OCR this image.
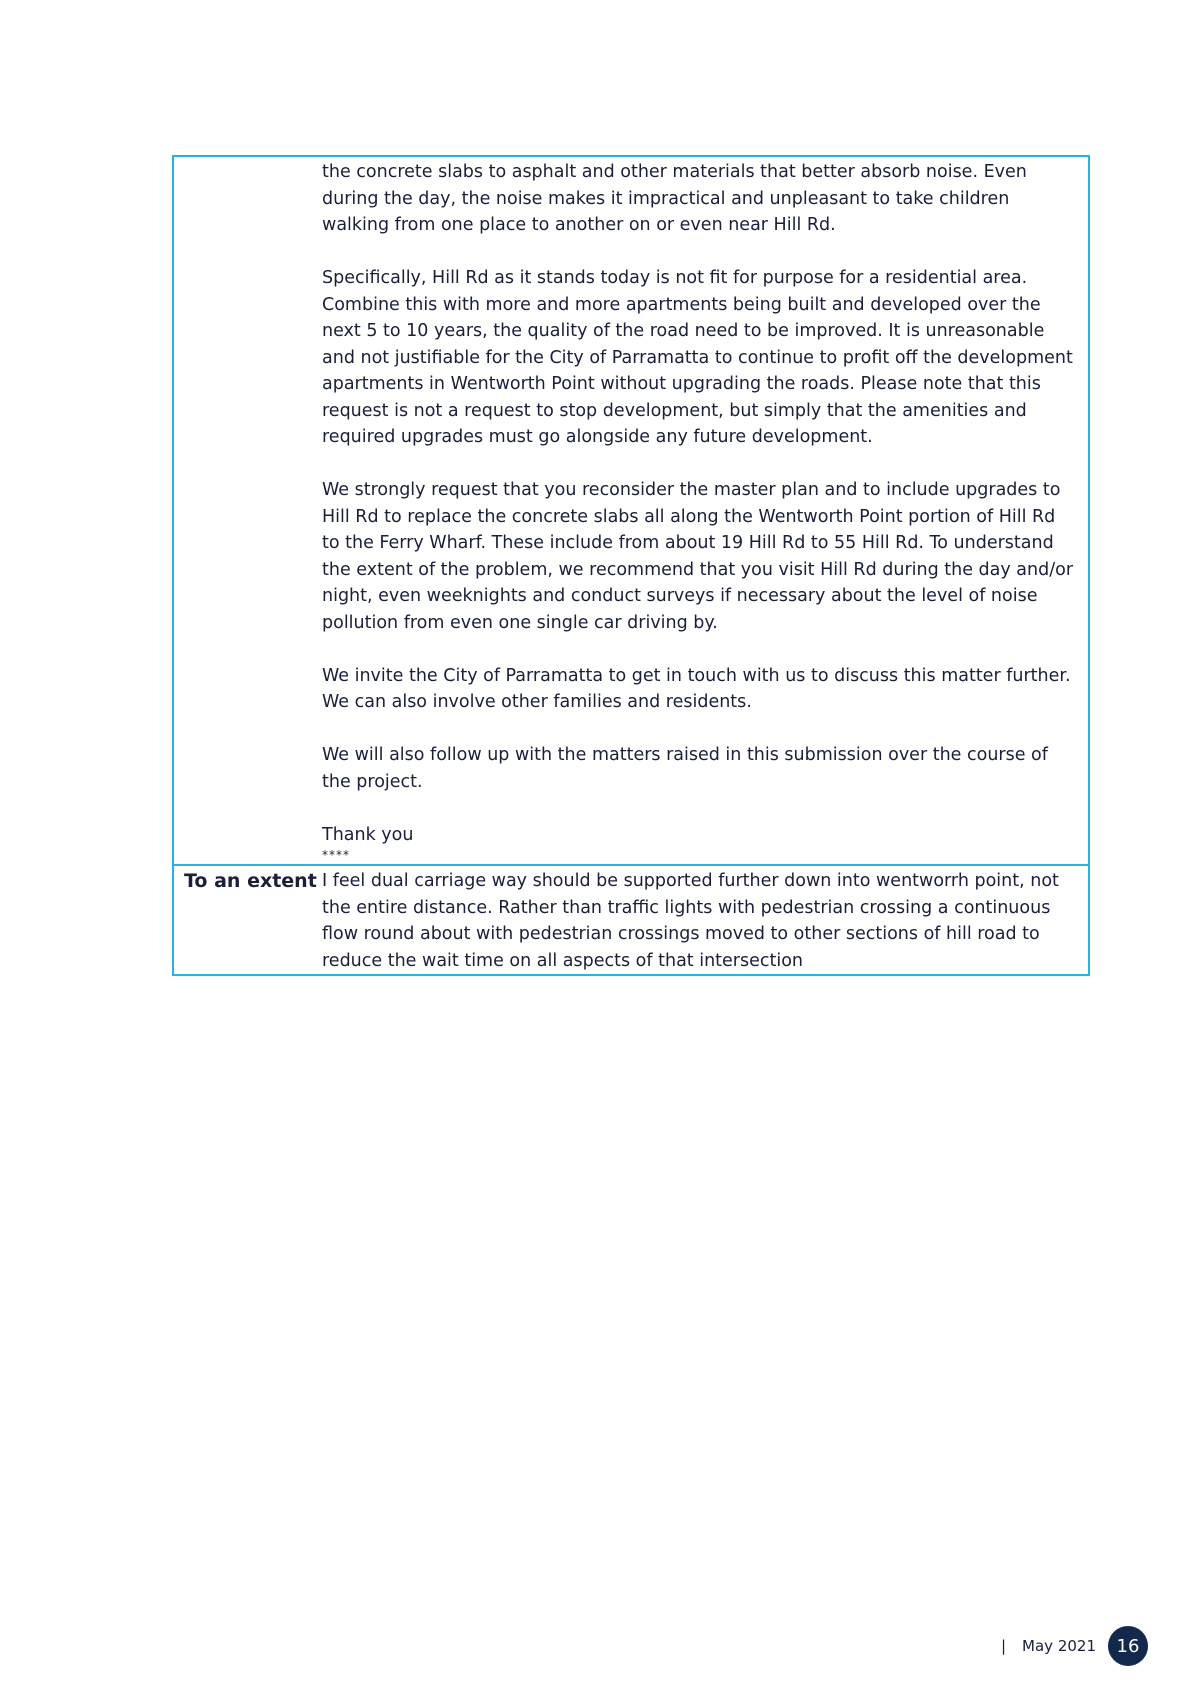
the concrete slabs to asphalt and other materials that better absorb noise. Even during the day, the noise makes it impractical and unpleasant to take children walking from one place to another on or even near Hill Rd.

Specifically, Hill Rd as it stands today is not fit for purpose for a residential area. Combine this with more and more apartments being built and developed over the next 5 to 10 years, the quality of the road need to be improved. It is unreasonable and not justifiable for the City of Parramatta to continue to profit off the development apartments in Wentworth Point without upgrading the roads. Please note that this request is not a request to stop development, but simply that the amenities and required upgrades must go alongside any future development.

We strongly request that you reconsider the master plan and to include upgrades to Hill Rd to replace the concrete slabs all along the Wentworth Point portion of Hill Rd to the Ferry Wharf. These include from about 19 Hill Rd to 55 Hill Rd. To understand the extent of the problem, we recommend that you visit Hill Rd during the day and/or night, even weeknights and conduct surveys if necessary about the level of noise pollution from even one single car driving by.

We invite the City of Parramatta to get in touch with us to discuss this matter further. We can also involve other families and residents.

We will also follow up with the matters raised in this submission over the course of the project.

Thank you

****
To an extent I feel dual carriage way should be supported further down into wentworrh point, not the entire distance. Rather than traffic lights with pedestrian crossing a continuous flow round about with pedestrian crossings moved to other sections of hill road to reduce the wait time on all aspects of that intersection

| May 2021	16
